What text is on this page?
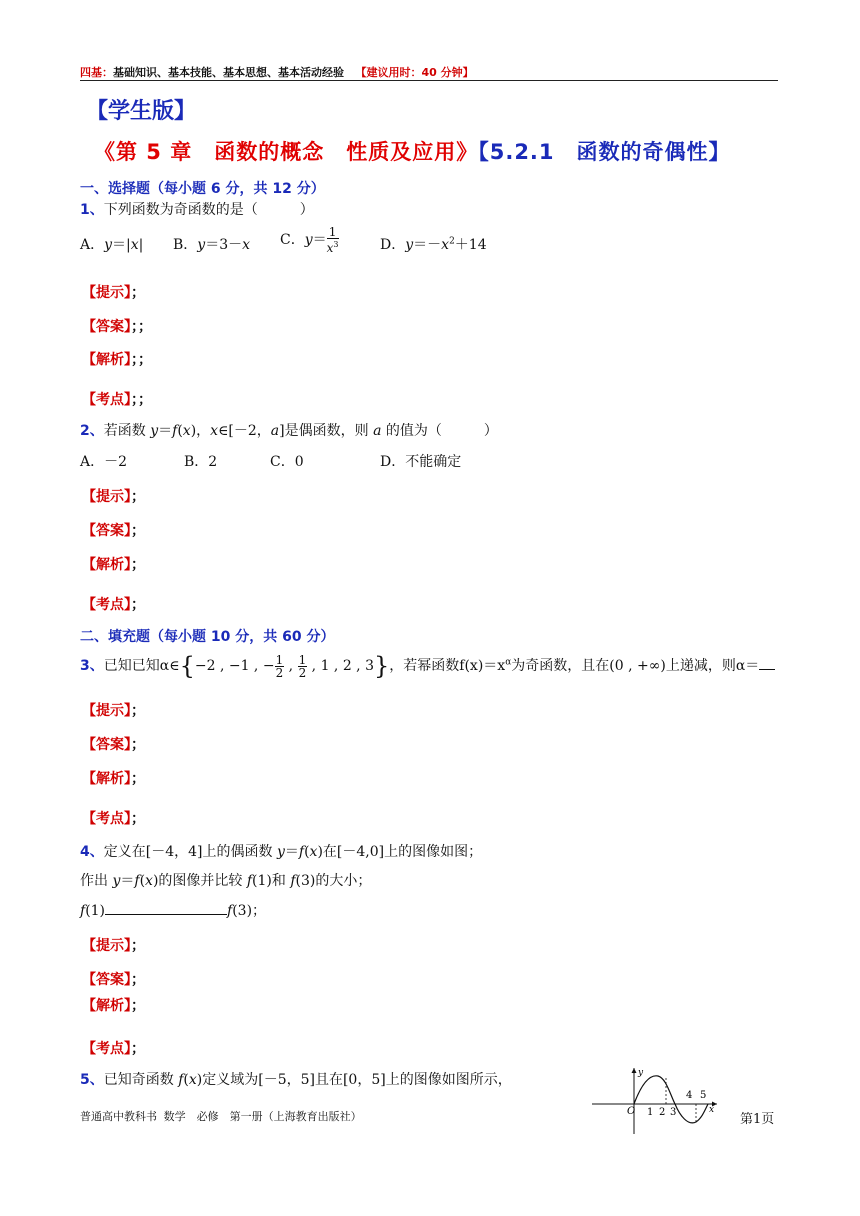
四基：基础知识、基本技能、基本思想、基本活动经验 【建议用时：40 分钟】
【学生版】
《第 5 章　函数的概念　性质及应用》【5.2.1　函数的奇偶性】
一、选择题（每小题 6 分，共 12 分）
1、下列函数为奇函数的是（　　　）
A．y＝|x| B．y＝3－x C．$y= \frac{1}{x^3}$	D．$y=-x^2+14$
【提示】；
【答案】；；
【解析】；；
【考点】；；
2、若函数 y＝f(x)，x∈[－2，a]是偶函数，则 a 的值为（　　　）
A．－2	B．2	C．0	D．不能确定
【提示】；
【答案】；
【解析】；
【考点】；
二、填充题（每小题 10 分，共 60 分）
3、已知已知α∈{−2 , −1 , − $\frac{1}{2}$ , $\frac{1}{2}$ , 1 , 2 , 3}，若幂函数$f(x)=x^\alpha$为奇函数，且在(0 , +∞)上递减，则α＝
【提示】；
【答案】；
【解析】；
【考点】；
4、定义在[－4，4]上的偶函数 y＝f(x)在[－4,0]上的图像如图；
作出 y＝f(x)的图像并比较 f(1)和 f(3)的大小；
f(1)	f(3)；
【提示】；
【答案】；
【解析】；
【考点】；
5、已知奇函数 f(x)定义域为[－5，5]且在[0，5]上的图像如图所示，
O
y
x
1 2 3
4 5
普通高中教科书 数学　必修　第一册（上海教育出版社）	第1页
